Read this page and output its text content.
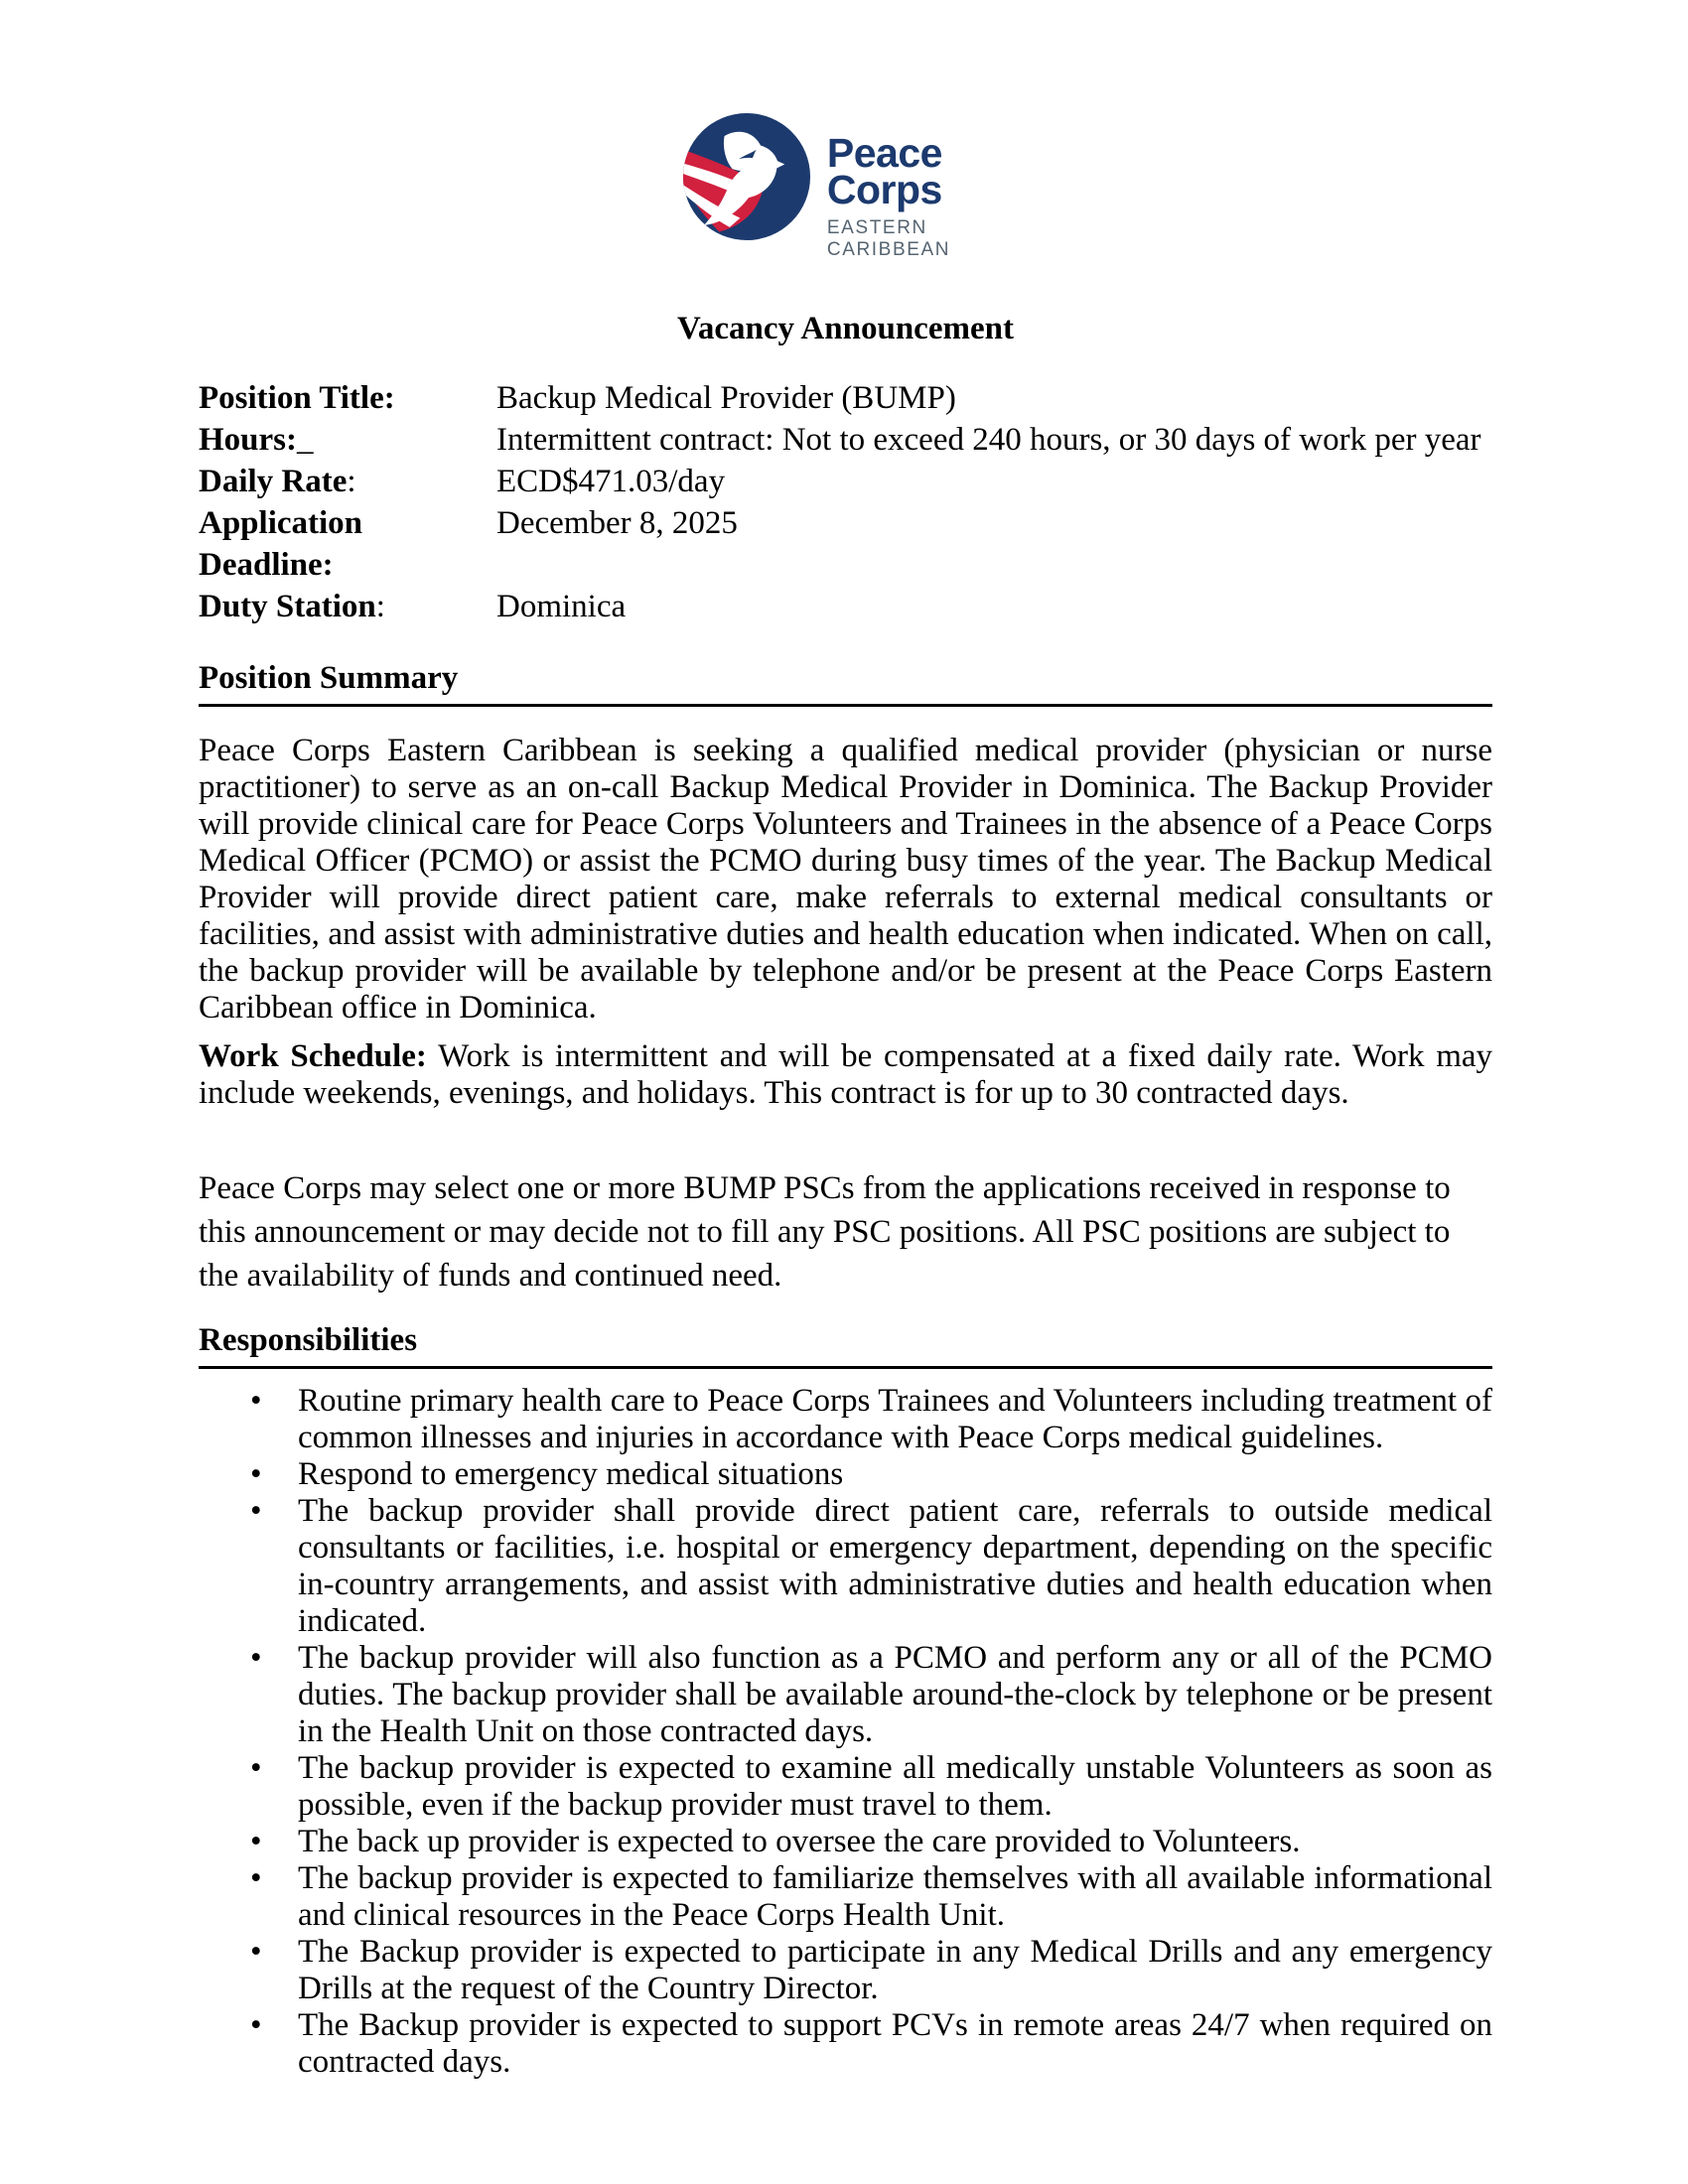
Peace
Corps
EASTERN
CARIBBEAN
Vacancy Announcement
Position Title:	Backup Medical Provider (BUMP)
Hours:_	Intermittent contract: Not to exceed 240 hours, or 30 days of work per year
Daily Rate:	ECD$471.03/day
Application Deadline:
December 8, 2025
Duty Station:	Dominica
Position Summary

Peace Corps Eastern Caribbean is seeking a qualified medical provider (physician or nurse practitioner) to serve as an on-call Backup Medical Provider in Dominica. The Backup Provider will provide clinical care for Peace Corps Volunteers and Trainees in the absence of a Peace Corps Medical Officer (PCMO) or assist the PCMO during busy times of the year. The Backup Medical Provider will provide direct patient care, make referrals to external medical consultants or facilities, and assist with administrative duties and health education when indicated. When on call, the backup provider will be available by telephone and/or be present at the Peace Corps Eastern Caribbean office in Dominica.

Work Schedule: Work is intermittent and will be compensated at a fixed daily rate. Work may include weekends, evenings, and holidays. This contract is for up to 30 contracted days.

Peace Corps may select one or more BUMP PSCs from the applications received in response to this announcement or may decide not to fill any PSC positions. All PSC positions are subject to the availability of funds and continued need.

Responsibilities
• Routine primary health care to Peace Corps Trainees and Volunteers including treatment of common illnesses and injuries in accordance with Peace Corps medical guidelines.
• Respond to emergency medical situations
• The backup provider shall provide direct patient care, referrals to outside medical consultants or facilities, i.e. hospital or emergency department, depending on the specific in-country arrangements, and assist with administrative duties and health education when indicated.
• The backup provider will also function as a PCMO and perform any or all of the PCMO duties. The backup provider shall be available around-the-clock by telephone or be present in the Health Unit on those contracted days.
• The backup provider is expected to examine all medically unstable Volunteers as soon as possible, even if the backup provider must travel to them.
• The back up provider is expected to oversee the care provided to Volunteers.
• The backup provider is expected to familiarize themselves with all available informational and clinical resources in the Peace Corps Health Unit.
• The Backup provider is expected to participate in any Medical Drills and any emergency Drills at the request of the Country Director.
• The Backup provider is expected to support PCVs in remote areas 24/7 when required on contracted days.
